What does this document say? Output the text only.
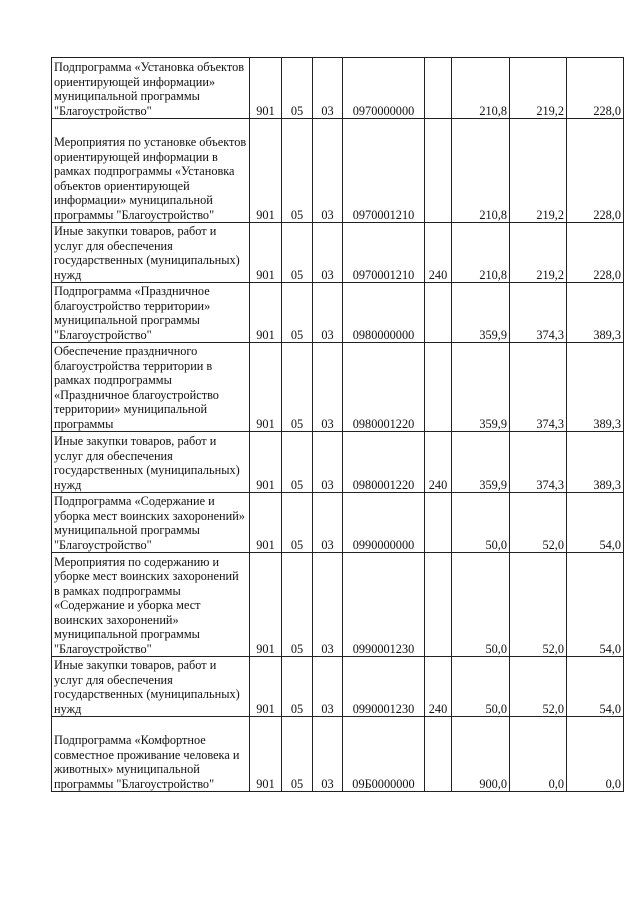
Подпрограмма «Установка объектов ориентирующей информации» муниципальной программы "Благоустройство"	901	05	03	0970000000		210,8	219,2	228,0
Мероприятия по установке объектов ориентирующей информации в рамках подпрограммы «Установка объектов ориентирующей информации» муниципальной программы "Благоустройство"	901	05	03	0970001210		210,8	219,2	228,0
Иные закупки товаров, работ и услуг для обеспечения государственных (муниципальных) нужд	901	05	03	0970001210	240	210,8	219,2	228,0
Подпрограмма «Праздничное благоустройство территории» муниципальной программы "Благоустройство"	901	05	03	0980000000		359,9	374,3	389,3
Обеспечение праздничного благоустройства территории в рамках подпрограммы «Праздничное благоустройство территории» муниципальной программы	901	05	03	0980001220		359,9	374,3	389,3
Иные закупки товаров, работ и услуг для обеспечения государственных (муниципальных) нужд	901	05	03	0980001220	240	359,9	374,3	389,3
Подпрограмма «Содержание и уборка мест воинских захоронений» муниципальной программы "Благоустройство"	901	05	03	0990000000		50,0	52,0	54,0
Мероприятия по содержанию и уборке мест воинских захоронений в рамках подпрограммы «Содержание и уборка мест воинских захоронений» муниципальной программы "Благоустройство"	901	05	03	0990001230		50,0	52,0	54,0
Иные закупки товаров, работ и услуг для обеспечения государственных (муниципальных) нужд	901	05	03	0990001230	240	50,0	52,0	54,0
Подпрограмма «Комфортное совместное проживание человека и животных» муниципальной программы "Благоустройство"	901	05	03	09Б0000000		900,0	0,0	0,0
